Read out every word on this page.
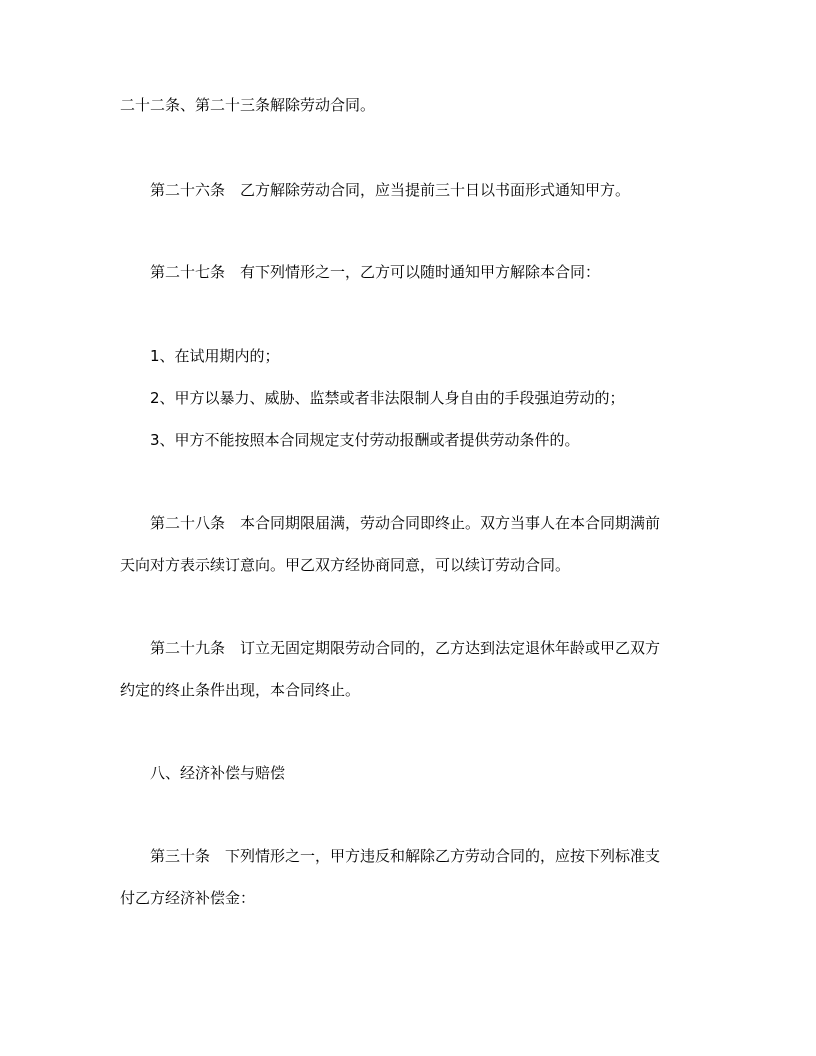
二十二条、第二十三条解除劳动合同。

第二十六条　乙方解除劳动合同，应当提前三十日以书面形式通知甲方。

第二十七条　有下列情形之一，乙方可以随时通知甲方解除本合同：

1、在试用期内的；

2、甲方以暴力、威胁、监禁或者非法限制人身自由的手段强迫劳动的；

3、甲方不能按照本合同规定支付劳动报酬或者提供劳动条件的。

第二十八条　本合同期限届满，劳动合同即终止。双方当事人在本合同期满前

天向对方表示续订意向。甲乙双方经协商同意，可以续订劳动合同。

第二十九条　订立无固定期限劳动合同的，乙方达到法定退休年龄或甲乙双方

约定的终止条件出现，本合同终止。

八、经济补偿与赔偿

第三十条　下列情形之一，甲方违反和解除乙方劳动合同的，应按下列标准支

付乙方经济补偿金：
